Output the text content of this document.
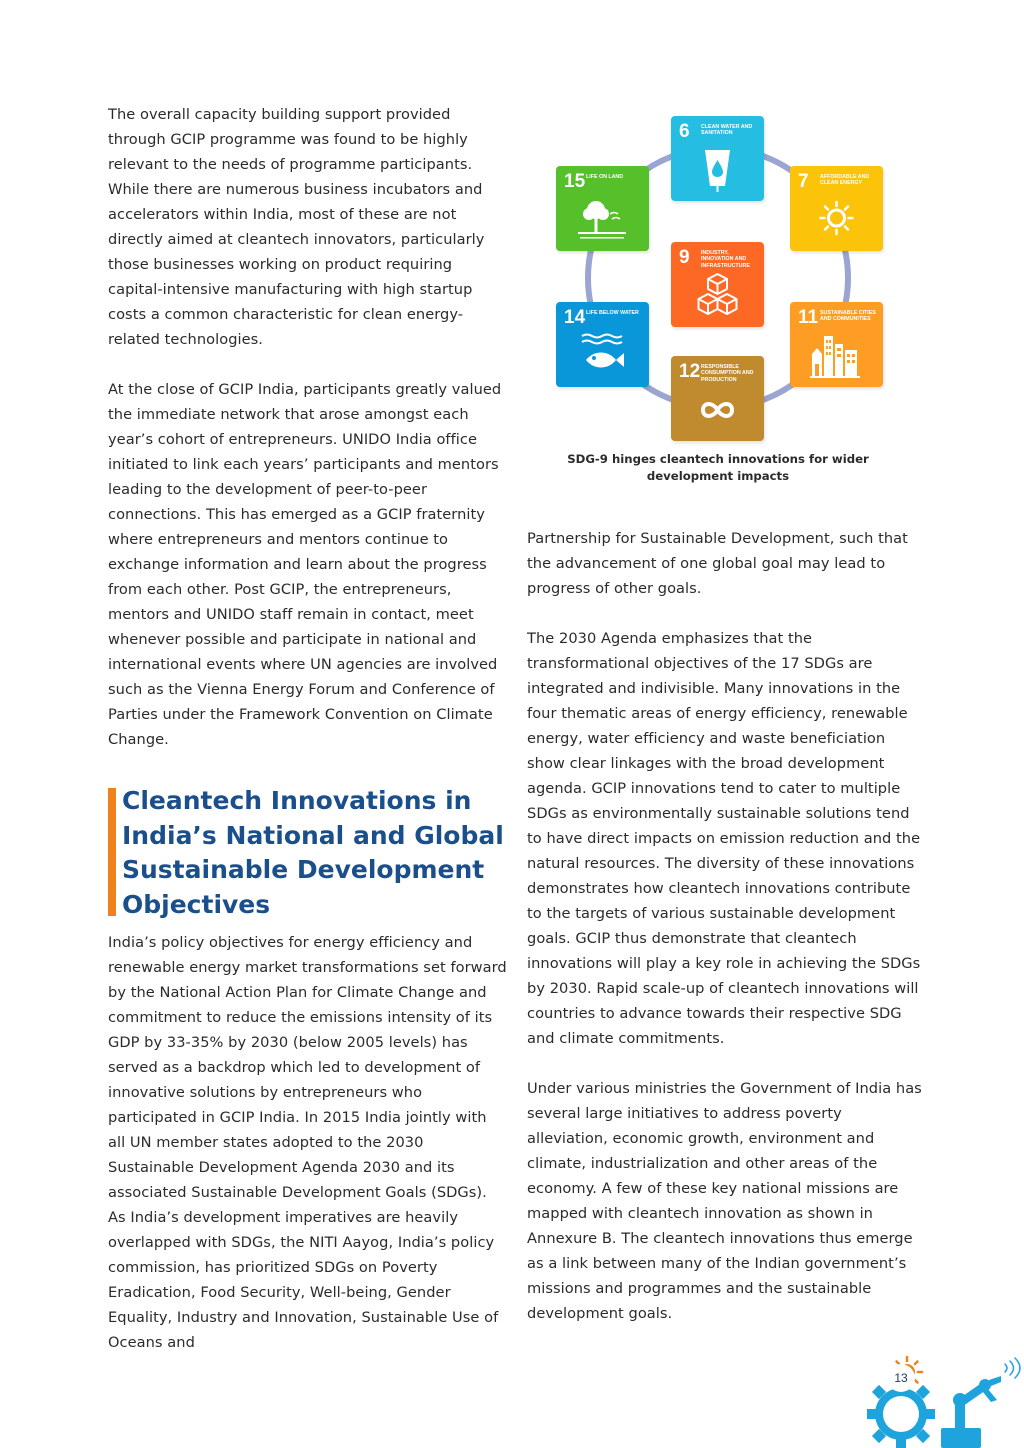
The overall capacity building support provided through GCIP programme was found to be highly relevant to the needs of programme participants. While there are numerous business incubators and accelerators within India, most of these are not directly aimed at cleantech innovators, particularly those businesses working on product requiring capital-intensive manufacturing with high startup costs a common characteristic for clean energy-related technologies.

At the close of GCIP India, participants greatly valued the immediate network that arose amongst each year’s cohort of entrepreneurs. UNIDO India office initiated to link each years’ participants and mentors leading to the development of peer-to-peer connections. This has emerged as a GCIP fraternity where entrepreneurs and mentors continue to exchange information and learn about the progress from each other. Post GCIP, the entrepreneurs, mentors and UNIDO staff remain in contact, meet whenever possible and participate in national and international events where UN agencies are involved such as the Vienna Energy Forum and Conference of Parties under the Framework Convention on Climate Change.

Cleantech Innovations in India’s National and Global Sustainable Development Objectives

India’s policy objectives for energy efficiency and renewable energy market transformations set forward by the National Action Plan for Climate Change and commitment to reduce the emissions intensity of its GDP by 33-35% by 2030 (below 2005 levels) has served as a backdrop which led to development of innovative solutions by entrepreneurs who participated in GCIP India. In 2015 India jointly with all UN member states adopted to the 2030 Sustainable Development Agenda 2030 and its associated Sustainable Development Goals (SDGs). As India’s development imperatives are heavily overlapped with SDGs, the NITI Aayog, India’s policy commission, has prioritized SDGs on Poverty Eradication, Food Security, Well-being, Gender Equality, Industry and Innovation, Sustainable Use of Oceans and

6 CLEAN WATER AND SANITATION
15 LIFE ON LAND	7 AFFORDABLE AND CLEAN ENERGY
9 INDUSTRY, INNOVATION AND INFRASTRUCTURE
14 LIFE BELOW WATER	11 SUSTAINABLE CITIES AND COMMUNITIES
12 RESPONSIBLE CONSUMPTION AND PRODUCTION
SDG-9 hinges cleantech innovations for wider development impacts

Partnership for Sustainable Development, such that the advancement of one global goal may lead to progress of other goals.

The 2030 Agenda emphasizes that the transformational objectives of the 17 SDGs are integrated and indivisible. Many innovations in the four thematic areas of energy efficiency, renewable energy, water efficiency and waste beneficiation show clear linkages with the broad development agenda. GCIP innovations tend to cater to multiple SDGs as environmentally sustainable solutions tend to have direct impacts on emission reduction and the natural resources. The diversity of these innovations demonstrates how cleantech innovations contribute to the targets of various sustainable development goals. GCIP thus demonstrate that cleantech innovations will play a key role in achieving the SDGs by 2030. Rapid scale-up of cleantech innovations will countries to advance towards their respective SDG and climate commitments.

Under various ministries the Government of India has several large initiatives to address poverty alleviation, economic growth, environment and climate, industrialization and other areas of the economy. A few of these key national missions are mapped with cleantech innovation as shown in Annexure B. The cleantech innovations thus emerge as a link between many of the Indian government’s missions and programmes and the sustainable development goals.

13
